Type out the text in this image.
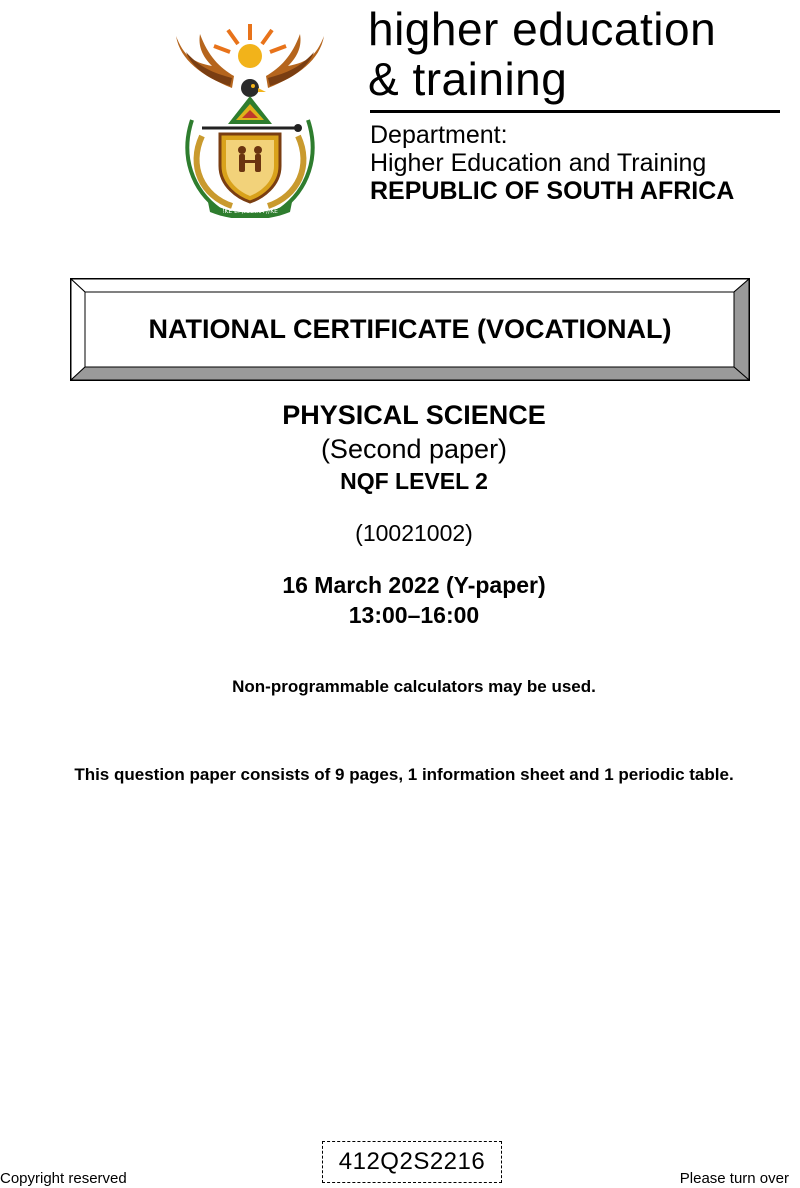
!KE E: /XARRA //KE
higher education
& training
Department:
Higher Education and Training
REPUBLIC OF SOUTH AFRICA
NATIONAL CERTIFICATE (VOCATIONAL)
PHYSICAL SCIENCE
(Second paper)
NQF LEVEL 2
(10021002)
16 March 2022 (Y-paper)
13:00–16:00
Non-programmable calculators may be used.
This question paper consists of 9 pages, 1 information sheet and 1 periodic table.
Copyright reserved
412Q2S2216
Please turn over
